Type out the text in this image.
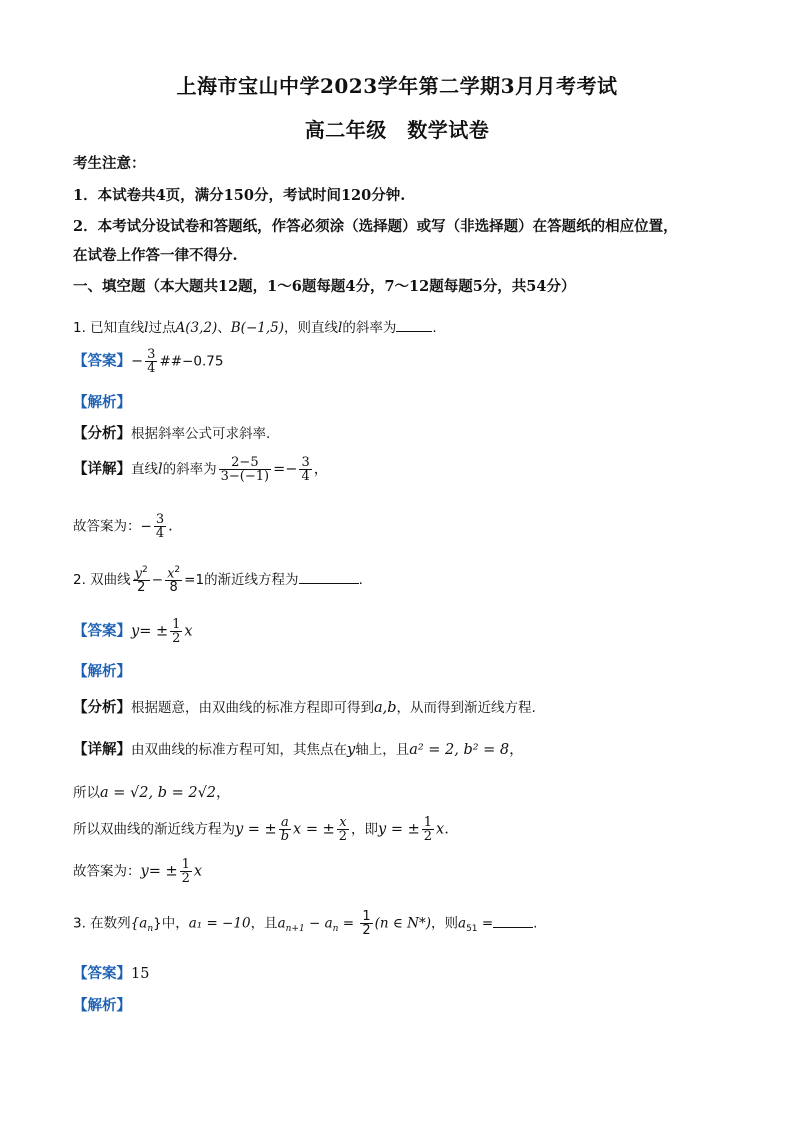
上海市宝山中学2023学年第二学期3月月考考试
高二年级　数学试卷
考生注意：
1．本试卷共4页，满分150分，考试时间120分钟.
2．本考试分设试卷和答题纸，作答必须涂（选择题）或写（非选择题）在答题纸的相应位置，
在试卷上作答一律不得分.
一、填空题（本大题共12题，1～6题每题4分，7～12题每题5分，共54分）
1. 已知直线l过点A(3,2)、B(−1,5)，则直线l的斜率为	.
【答案】− $\frac{3}{4}$ ##−0.75
【解析】
【分析】根据斜率公式可求斜率.
【详解】直线l的斜率为 $\frac{2-5}{3-(-1)} =- \frac{3}{4}$ ，
故答案为：− $\frac{3}{4}$ .
2. 双曲线 $\frac{y^2}{2} - \frac{x^2}{8} =1$的渐近线方程为	.
【答案】$y= \pm \frac{1}{2}$ x
【解析】
【分析】根据题意，由双曲线的标准方程即可得到a,b，从而得到渐近线方程.
【详解】由双曲线的标准方程可知，其焦点在y轴上，且a² = 2, b² = 8，
所以a = √2, b = 2√2，
所以双曲线的渐近线方程为y = ± $\frac{a}{b}$ x = ± $\frac{x}{2}$ ，即y = ± $\frac{1}{2} x$.
故答案为：$y= \pm \frac{1}{2}$ x
3. 在数列$\{a_n\}$中，a₁ = −10，且$a_{n+1} - a_n = \frac{1}{2} (n$ ∈ N*)，则$a_{51}$ =	.
【答案】15
【解析】
